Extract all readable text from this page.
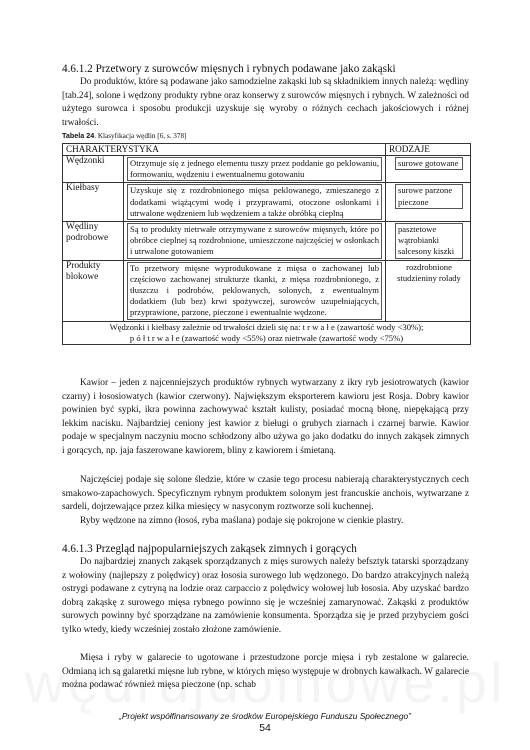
4.6.1.2 Przetwory z surowców mięsnych i rybnych podawane jako zakąski

Do produktów, które są podawane jako samodzielne zakąski lub są składnikiem innych należą: wędliny [tab.24], solone i wędzony produkty rybne oraz konserwy z surowców mięsnych i rybnych. W zależności od użytego surowca i sposobu produkcji uzyskuje się wyroby o różnych cechach jakościowych i różnej trwałości.

Tabela 24. Klasyfikacja wędlin [6, s. 378]
CHARAKTERYSTYKA		RODZAJE
Wędzonki	Otrzymuje się z jednego elementu tuszy przez poddanie go peklowaniu, formowaniu, wędzeniu i ewentualnemu gotowaniu	surowe gotowane

Kiełbasy	Uzyskuje się z rozdrobnionego mięsa peklowanego, zmieszanego z dodatkami wiążącymi wodę i przyprawami, otoczone osłonkami i utrwalone wędzeniem lub wędzeniem a także obróbką cieplną	surowe parzone pieczone

Wędliny podrobowe	Są to produkty nietrwałe otrzymywane z surowców mięsnych, które po obróbce cieplnej są rozdrobnione, umieszczone najczęściej w osłonkach i utrwalone gotowaniem	pasztetowe wątrobianki salcesony kiszki

Produkty blokowe	To przetwory mięsne wyprodukowane z mięsa o zachowanej lub częściowo zachowanej strukturze tkanki, z mięsa rozdrobnionego, z tłuszczu i podrobów, peklowanych, solonych, z ewentualnym dodatkiem (lub bez) krwi spożywczej, surowców uzupełniających, przyprawione, parzone, pieczone i ewentualnie wędzone.	rozdrobnione studzieniny rolady

Wędzonki i kiełbasy zależnie od trwałości dzieli się na: t r w a ł e (zawartość wody <30%);
p ó ł t r w a ł e (zawartość wody <55%) oraz nietrwałe (zawartość wody <75%)		

Kawior – jeden z najcenniejszych produktów rybnych wytwarzany z ikry ryb jesiotrowatych (kawior czarny) i łososiowatych (kawior czerwony). Największym eksporterem kawioru jest Rosja. Dobry kawior powinien być sypki, ikra powinna zachowywać kształt kulisty, posiadać mocną błonę, niepękającą przy lekkim nacisku. Najbardziej ceniony jest kawior z bieługi o grubych ziarnach i czarnej barwie. Kawior podaje w specjalnym naczyniu mocno schłodzony albo używa go jako dodatku do innych zakąsek zimnych i gorących, np. jaja faszerowane kawiorem, bliny z kawiorem i śmietaną.

Najczęściej podaje się solone śledzie, które w czasie tego procesu nabierają charakterystycznych cech smakowo-zapachowych. Specyficznym rybnym produktem solonym jest francuskie anchois, wytwarzane z sardeli, dojrzewające przez kilka miesięcy w nasyconym roztworze soli kuchennej.

Ryby wędzone na zimno (łosoś, ryba maślana) podaje się pokrojone w cienkie plastry.

4.6.1.3 Przegląd najpopularniejszych zakąsek zimnych i gorących

Do najbardziej znanych zakąsek sporządzanych z mięs surowych należy befsztyk tatarski sporządzany z wołowiny (najlepszy z polędwicy) oraz łososia surowego lub wędzonego. Do bardzo atrakcyjnych należą ostrygi podawane z cytryną na lodzie oraz carpaccio z polędwicy wołowej lub łososia. Aby uzyskać bardzo dobrą zakąskę z surowego mięsa rybnego powinno się je wcześniej zamarynować. Zakąski z produktów surowych powinny być sporządzane na zamówienie konsumenta. Sporządza się je przed przybyciem gości tylko wtedy, kiedy wcześniej zostało złożone zamówienie.

Mięsa i ryby w galarecie to ugotowane i przestudzone porcje mięsa i ryb zestalone w galarecie. Odmianą ich są galaretki mięsne lub rybne, w których mięso występuje w drobnych kawałkach. W galarecie można podawać również mięsa pieczone (np. schab

„Projekt współfinansowany ze środków Europejskiego Funduszu Społecznego”
54
